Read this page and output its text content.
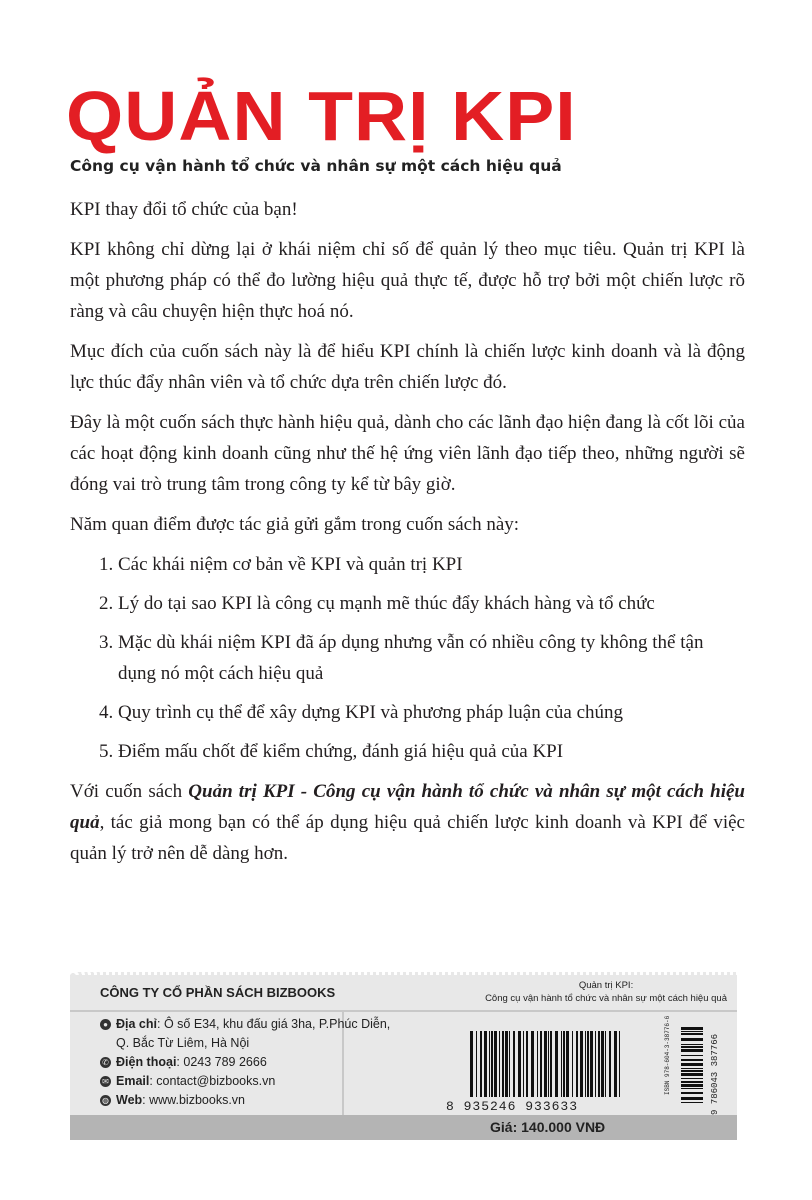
QUẢN TRỊ KPI
Công cụ vận hành tổ chức và nhân sự một cách hiệu quả

KPI thay đổi tổ chức của bạn!

KPI không chỉ dừng lại ở khái niệm chỉ số để quản lý theo mục tiêu. Quản trị KPI là một phương pháp có thể đo lường hiệu quả thực tế, được hỗ trợ bởi một chiến lược rõ ràng và câu chuyện hiện thực hoá nó.

Mục đích của cuốn sách này là để hiểu KPI chính là chiến lược kinh doanh và là động lực thúc đẩy nhân viên và tổ chức dựa trên chiến lược đó.

Đây là một cuốn sách thực hành hiệu quả, dành cho các lãnh đạo hiện đang là cốt lõi của các hoạt động kinh doanh cũng như thế hệ ứng viên lãnh đạo tiếp theo, những người sẽ đóng vai trò trung tâm trong công ty kể từ bây giờ.

Năm quan điểm được tác giả gửi gắm trong cuốn sách này:

1. Các khái niệm cơ bản về KPI và quản trị KPI
2. Lý do tại sao KPI là công cụ mạnh mẽ thúc đẩy khách hàng và tổ chức
3. Mặc dù khái niệm KPI đã áp dụng nhưng vẫn có nhiều công ty không thể tận dụng nó một cách hiệu quả
4. Quy trình cụ thể để xây dựng KPI và phương pháp luận của chúng
5. Điểm mấu chốt để kiểm chứng, đánh giá hiệu quả của KPI

Với cuốn sách Quản trị KPI - Công cụ vận hành tổ chức và nhân sự một cách hiệu quả, tác giả mong bạn có thể áp dụng hiệu quả chiến lược kinh doanh và KPI để việc quản lý trở nên dễ dàng hơn.

CÔNG TY CỔ PHẦN SÁCH BIZBOOKS	Quản trị KPI:
Công cụ vận hành tổ chức và nhân sự một cách hiệu quả
● Địa chỉ: Ô số E34, khu đấu giá 3ha, P.Phúc Diễn,
Q. Bắc Từ Liêm, Hà Nội
✆ Điện thoại: 0243 789 2666
✉ Email: contact@bizbooks.vn
◍ Web: www.bizbooks.vn	8 935246 933633
ISBN 978-604-3-38776-6	9 786043 387766
Giá: 140.000 VNĐ
